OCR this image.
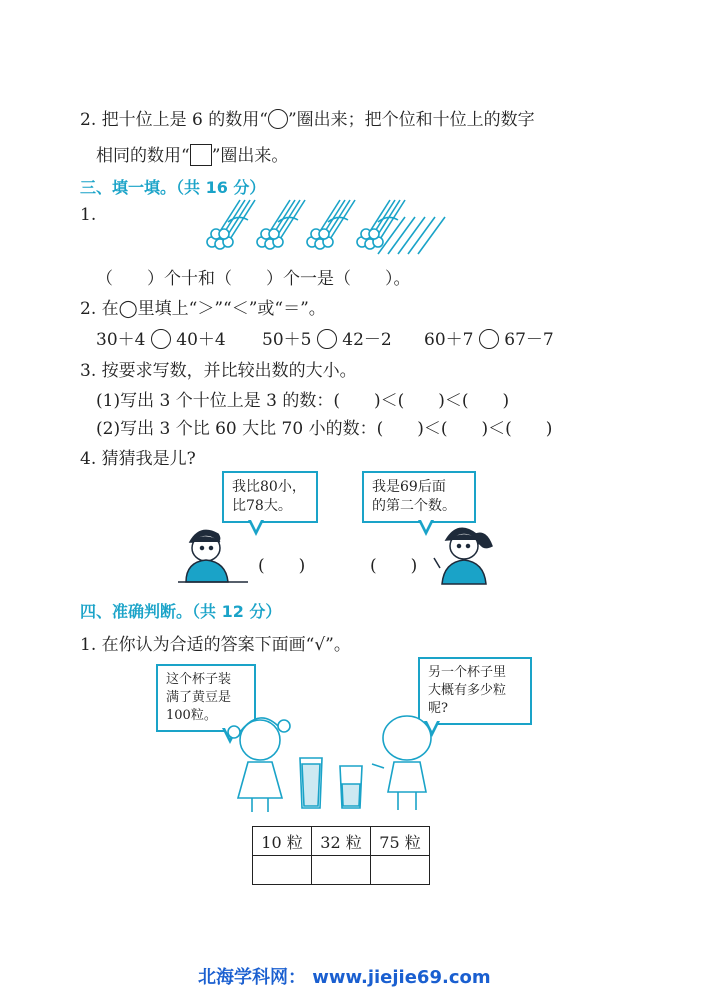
2. 把十位上是 6 的数用“ ”圈出来；把个位和十位上的数字
相同的数用“ ”圈出来。
三、填一填。（共 16 分）
1.
（　　）个十和（　　）个一是（　　）。
2. 在◯里填上“＞”“＜”或“＝”。
30＋4 40＋4 50＋5 42－2 60＋7 67－7
3. 按要求写数，并比较出数的大小。
(1)写出 3 个十位上是 3 的数：(　　)＜(　　)＜(　　)
(2)写出 3 个比 60 大比 70 小的数：(　　)＜(　　)＜(　　)
4. 猜猜我是儿?
我比80小，
比78大。
我是69后面
的第二个数。
(　　)	(　　)
四、准确判断。（共 12 分）
1. 在你认为合适的答案下面画“√”。
这个杯子装
满了黄豆是
100粒。
另一个杯子里
大概有多少粒
呢?
10 粒	32 粒	75 粒

北海学科网： www.jiejie69.com
